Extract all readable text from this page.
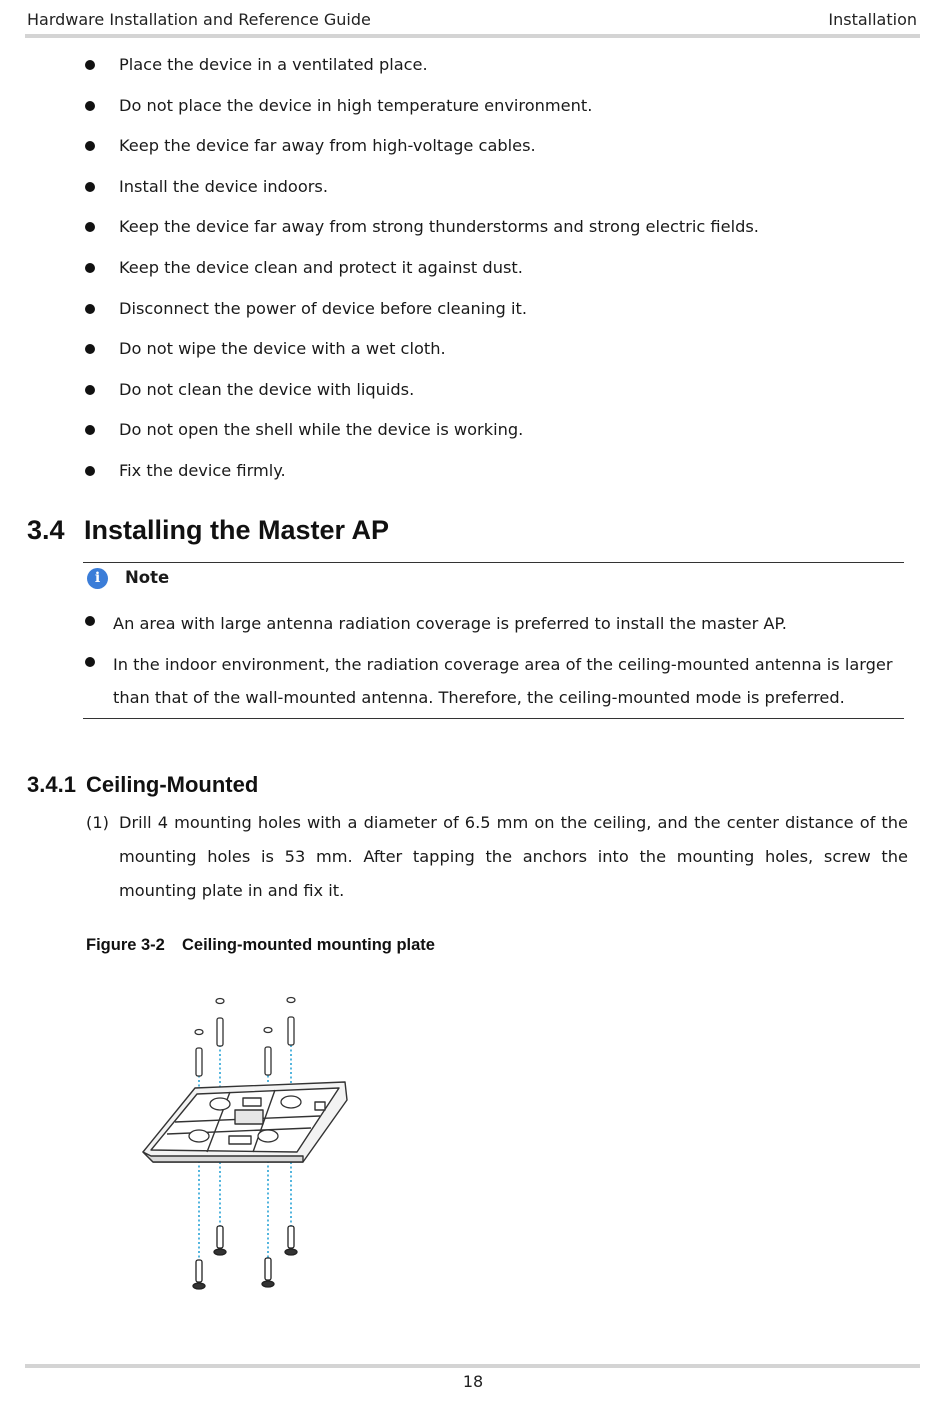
Hardware Installation and Reference Guide	Installation
Place the device in a ventilated place.
Do not place the device in high temperature environment.
Keep the device far away from high-voltage cables.
Install the device indoors.
Keep the device far away from strong thunderstorms and strong electric fields.
Keep the device clean and protect it against dust.
Disconnect the power of device before cleaning it.
Do not wipe the device with a wet cloth.
Do not clean the device with liquids.
Do not open the shell while the device is working.
Fix the device firmly.
3.4 Installing the Master AP
i	Note
An area with large antenna radiation coverage is preferred to install the master AP.
In the indoor environment, the radiation coverage area of the ceiling-mounted antenna is larger than that of the wall-mounted antenna. Therefore, the ceiling-mounted mode is preferred.
3.4.1 Ceiling-Mounted
(1) Drill 4 mounting holes with a diameter of 6.5 mm on the ceiling, and the center distance of the mounting holes is 53 mm. After tapping the anchors into the mounting holes, screw the mounting plate in and fix it.
Figure 3-2 Ceiling-mounted mounting plate
18
